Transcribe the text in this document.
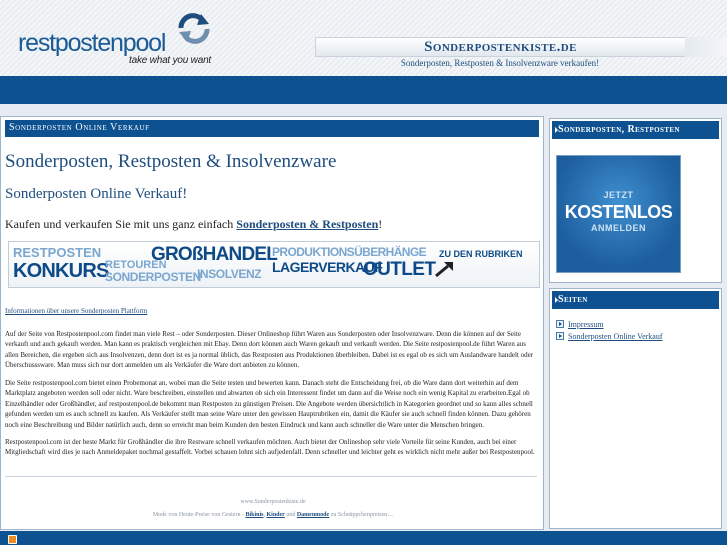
restpostenpool
take what you want
Sonderpostenkiste.de
Sonderposten, Restposten & Insolvenzware verkaufen!
Sonderposten Online Verkauf
Sonderposten, Restposten & Insolvenzware
Sonderposten Online Verkauf!

Kaufen und verkaufen Sie mit uns ganz einfach Sonderposten & Restposten!

RESTPOSTEN
KONKURS
RETOUREN
SONDERPOSTEN
GROßHANDEL
INSOLVENZ
PRODUKTIONSÜBERHÄNGE
LAGERVERKAUF
OUTLET
ZU DEN RUBRIKEN
Informationen über unsere Sonderposten Plattform

Auf der Seite von Restpostenpool.com findet man viele Rest – oder Sonderposten. Dieser Onlineshop führt Waren aus Sonderposten oder Insolvenzware. Denn die können auf der Seite verkauft und auch gekauft werden. Man kann es praktisch vergleichen mit Ebay. Denn dort können auch Waren gekauft und verkauft werden. Die Seite restpostenpool.de führt Waren aus allen Bereichen, die ergeben sich aus Insolvenzen, denn dort ist es ja normal üblich, das Restposten aus Produktionen überbleiben. Dabei ist es egal ob es sich um Auslandware handelt oder Überschusssware. Man muss sich nur dort anmelden um als Verkäufer die Ware dort anbieten zu können.

Die Seite restpostenpool.com bietet einen Probemonat an, wobei man die Seite testen und bewerten kann. Danach steht die Entscheidung frei, ob die Ware dann dort weiterhin auf dem Marktplatz angeboten werden soll oder nicht. Ware beschreiben, einstellen und abwarten ob sich ein Interessent findet um dann auf die Weise noch ein wenig Kapital zu erarbeiten.Egal ob Einzelhändler oder Großhändler, auf restpostenpool.de bekommt man Restposten zu günstigen Preisen. Die Angebote werden übersichtlich in Kategorien geordnet und so kann alles schnell gefunden werden um es auch schnell zu kaufen. Als Verkäufer stellt man seine Ware unter den gewissen Hauptrubriken ein, damit die Käufer sie auch schnell finden können. Dazu gehören noch eine Beschreibung und Bilder natürlich auch, denn so erreicht man beim Kunden den besten Eindruck und kann auch schneller die Ware unter die Menschen bringen.

Restpostenpool.com ist der beste Markt für Großhändler die ihre Restware schnell verkaufen möchten. Auch bietet der Onlineshop sehr viele Vorteile für seine Kunden, auch bei einer Mitgliedschaft wird dies je nach Anmeldepaket nochmal gestaffelt. Vorbei schauen lohnt sich aufjedenfall. Denn schneller und leichter geht es wirklich nicht mehr außer bei Restpostenpool.

www.Sonderpostenkiste.de
Mode von Heute-Preise von Gestern - Bikinis, Kinder und Damenmode zu Schnäppchenpreisen…
Sonderposten, Restposten
JETZT
KOSTENLOS
ANMELDEN
Seiten
Impressum
Sonderposten Online Verkauf
